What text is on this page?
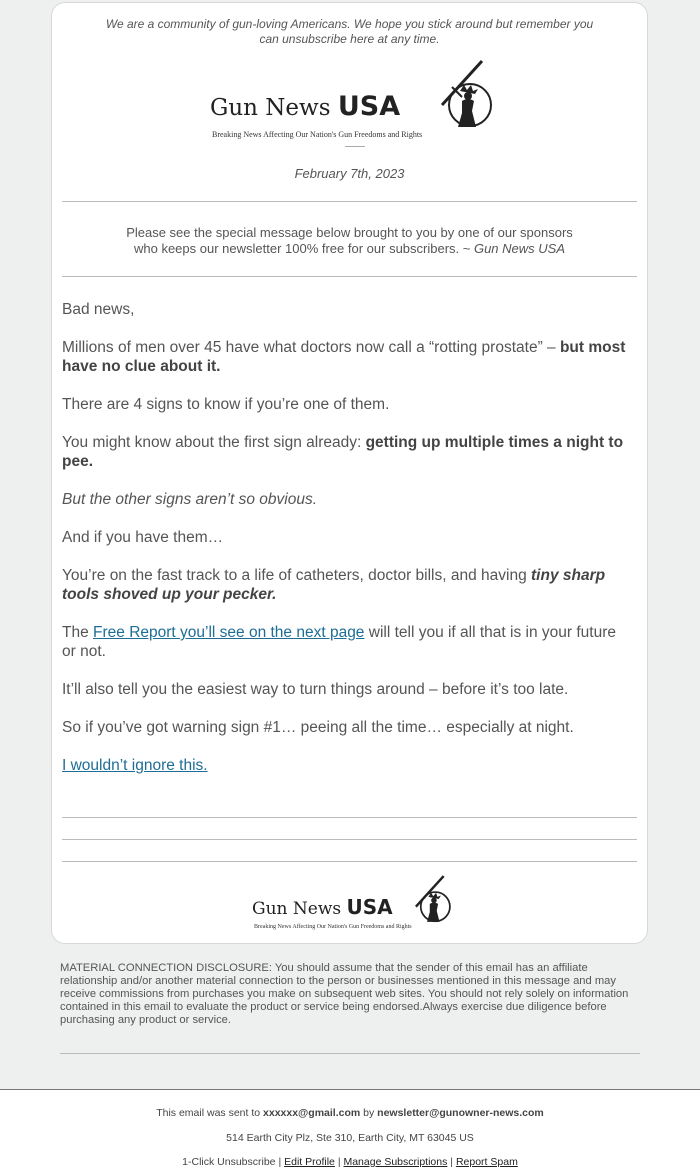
We are a community of gun-loving Americans. We hope you stick around but remember you
can unsubscribe here at any time.
Gun News USA
Breaking News Affecting Our Nation's Gun Freedoms and Rights
February 7th, 2023
Please see the special message below brought to you by one of our sponsors
who keeps our newsletter 100% free for our subscribers. ~ Gun News USA

Bad news,

Millions of men over 45 have what doctors now call a “rotting prostate” – but most have no clue about it.

There are 4 signs to know if you’re one of them.

You might know about the first sign already: getting up multiple times a night to pee.

But the other signs aren’t so obvious.

And if you have them…

You’re on the fast track to a life of catheters, doctor bills, and having tiny sharp tools shoved up your pecker.

The Free Report you’ll see on the next page will tell you if all that is in your future or not.

It’ll also tell you the easiest way to turn things around – before it’s too late.

So if you’ve got warning sign #1… peeing all the time… especially at night.

I wouldn’t ignore this.

Gun News USA
Breaking News Affecting Our Nation's Gun Freedoms and Rights
MATERIAL CONNECTION DISCLOSURE: You should assume that the sender of this email has an affiliate relationship and/or another material connection to the person or businesses mentioned in this message and may receive commissions from purchases you make on subsequent web sites. You should not rely solely on information contained in this email to evaluate the product or service being endorsed.Always exercise due diligence before purchasing any product or service.
This email was sent to xxxxxx@gmail.com by newsletter@gunowner-news.com
514 Earth City Plz, Ste 310, Earth City, MT 63045 US
1-Click Unsubscribe | Edit Profile | Manage Subscriptions | Report Spam
